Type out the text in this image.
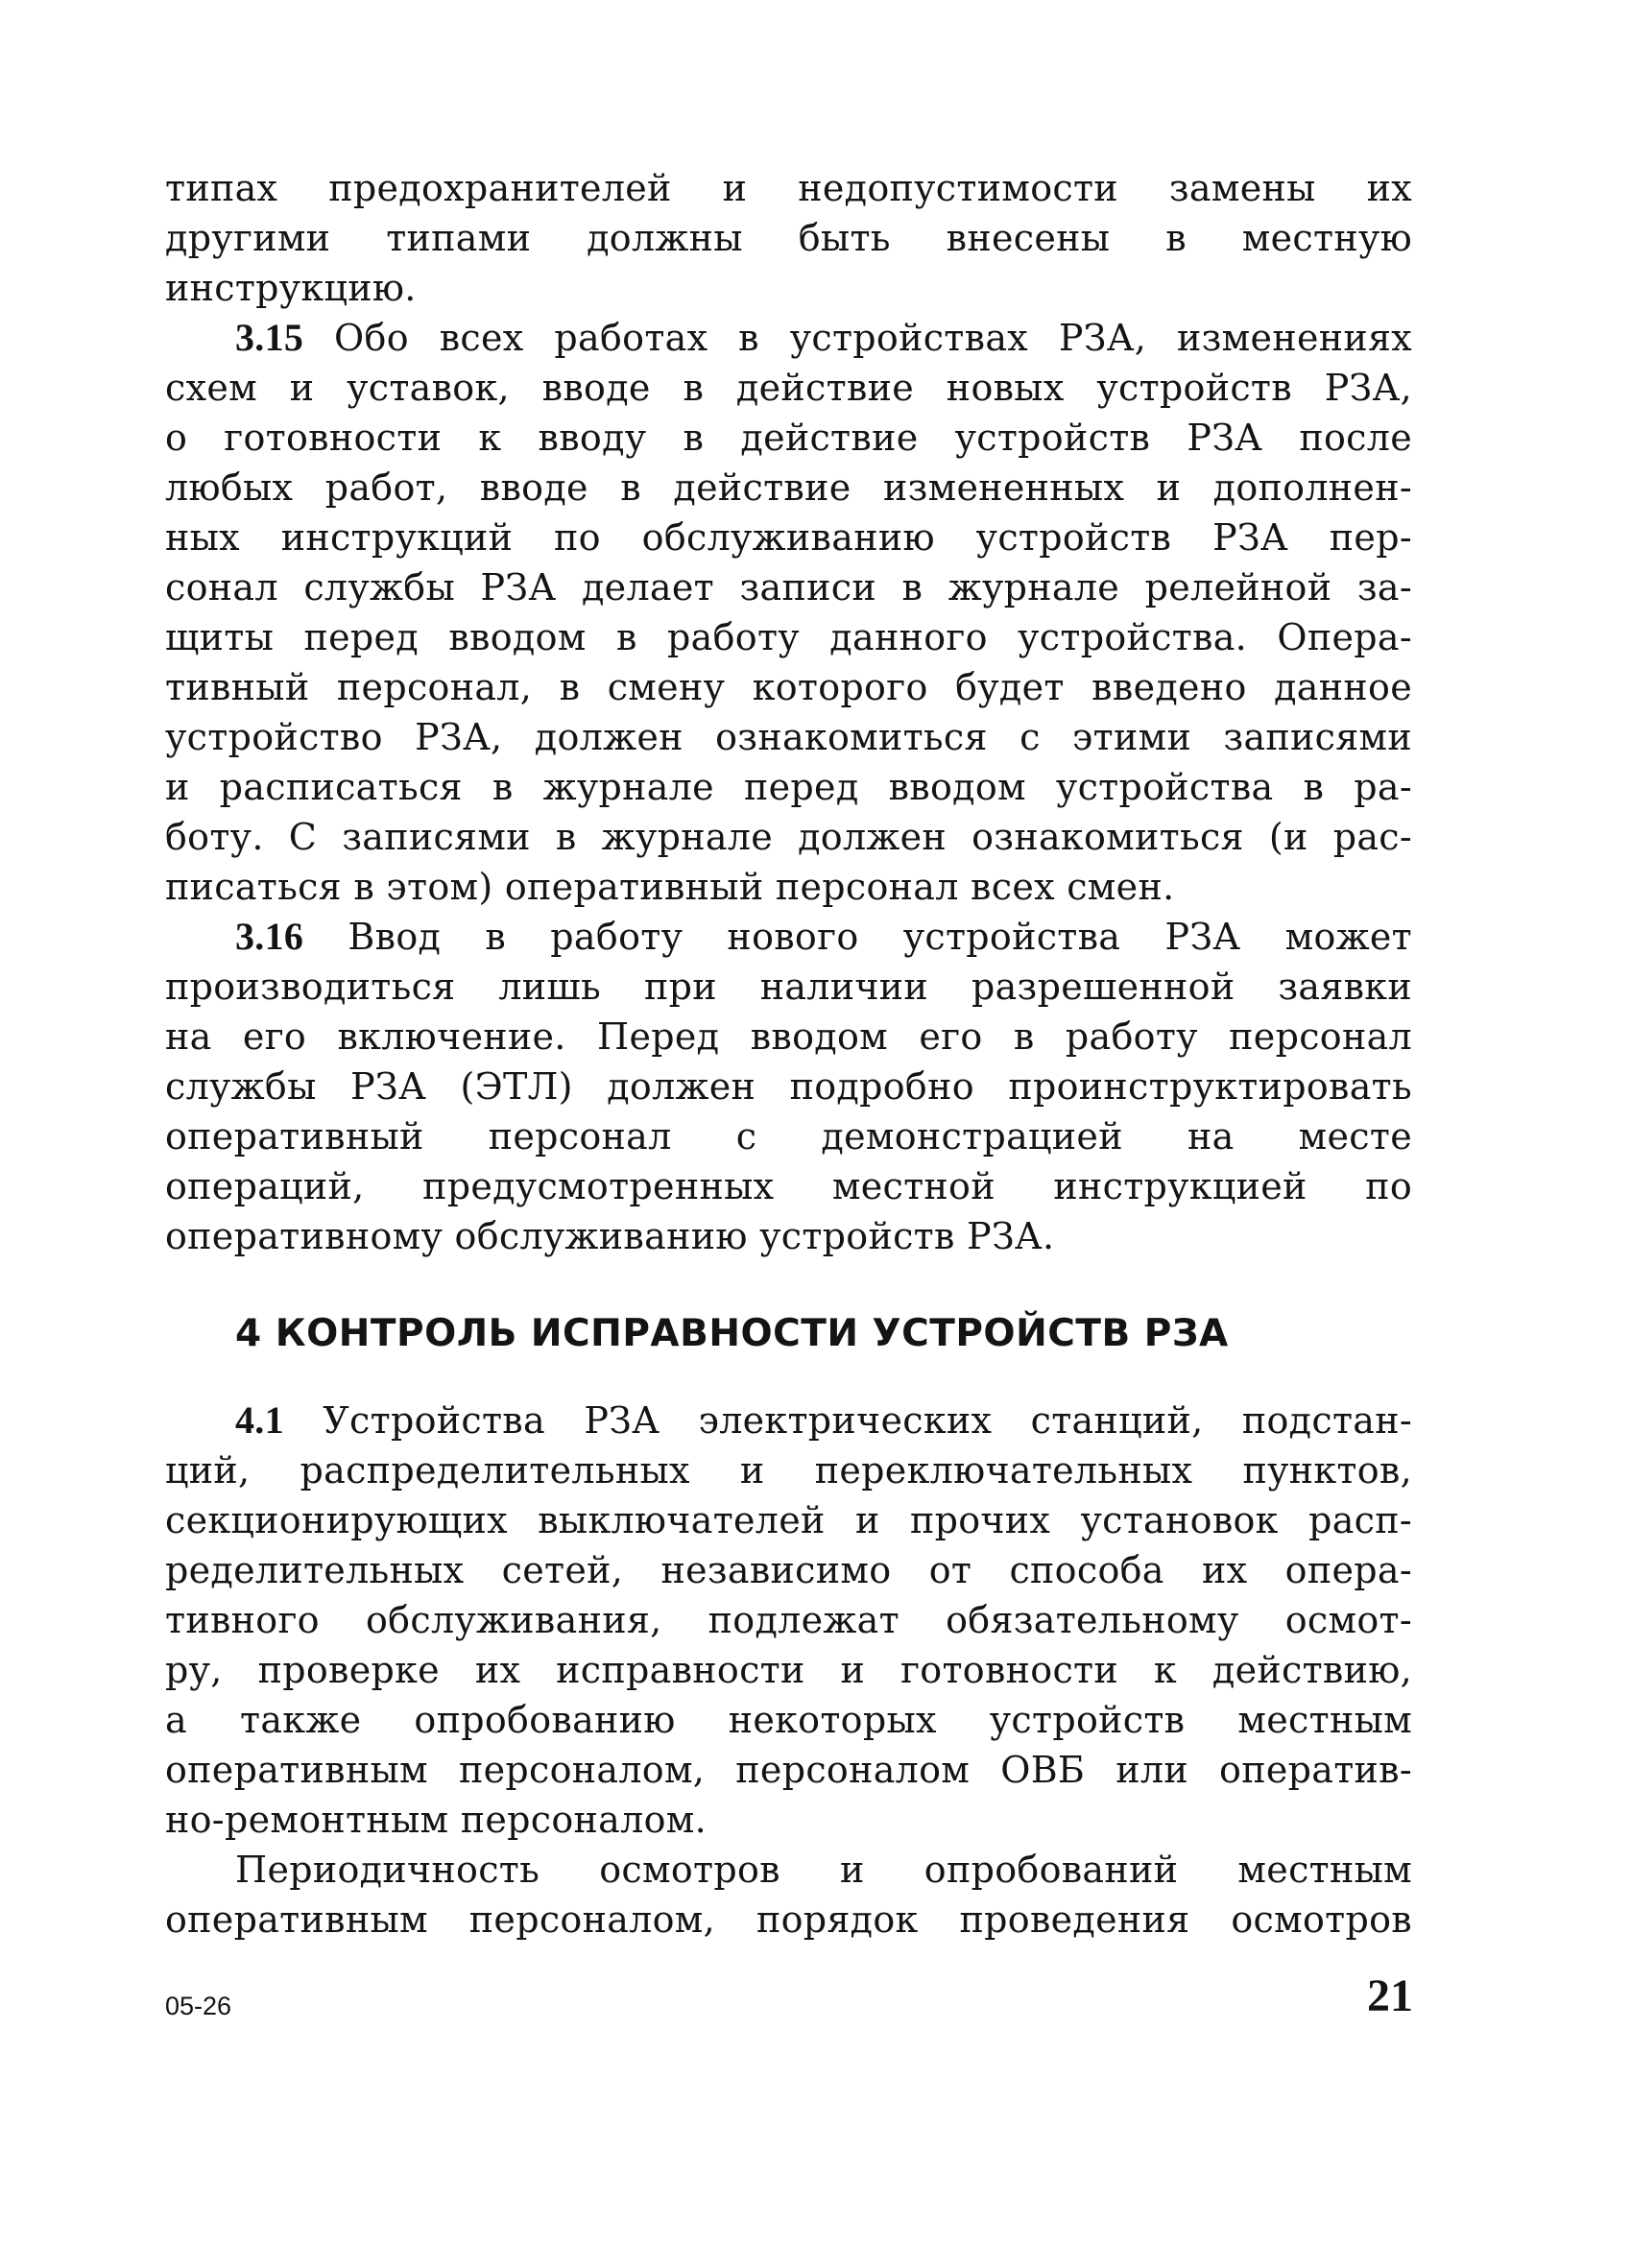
типах предохранителей и недопустимости замены их
другими типами должны быть внесены в местную
инструкцию.
3.15 Обо всех работах в устройствах РЗА, изменениях
схем и уставок, вводе в действие новых устройств РЗА,
о готовности к вводу в действие устройств РЗА после
любых работ, вводе в действие измененных и дополнен-
ных инструкций по обслуживанию устройств РЗА пер-
сонал службы РЗА делает записи в журнале релейной за-
щиты перед вводом в работу данного устройства. Опера-
тивный персонал, в смену которого будет введено данное
устройство РЗА, должен ознакомиться с этими записями
и расписаться в журнале перед вводом устройства в ра-
боту. С записями в журнале должен ознакомиться (и рас-
писаться в этом) оперативный персонал всех смен.
3.16 Ввод в работу нового устройства РЗА может
производиться лишь при наличии разрешенной заявки
на его включение. Перед вводом его в работу персонал
службы РЗА (ЭТЛ) должен подробно проинструктировать
оперативный персонал с демонстрацией на месте
операций, предусмотренных местной инструкцией по
оперативному обслуживанию устройств РЗА.
4 КОНТРОЛЬ ИСПРАВНОСТИ УСТРОЙСТВ РЗА
4.1 Устройства РЗА электрических станций, подстан-
ций, распределительных и переключательных пунктов,
секционирующих выключателей и прочих установок расп-
ределительных сетей, независимо от способа их опера-
тивного обслуживания, подлежат обязательному осмот-
ру, проверке их исправности и готовности к действию,
а также опробованию некоторых устройств местным
оперативным персоналом, персоналом ОВБ или оператив-
но-ремонтным персоналом.
Периодичность осмотров и опробований местным
оперативным персоналом, порядок проведения осмотров
05-26	21
